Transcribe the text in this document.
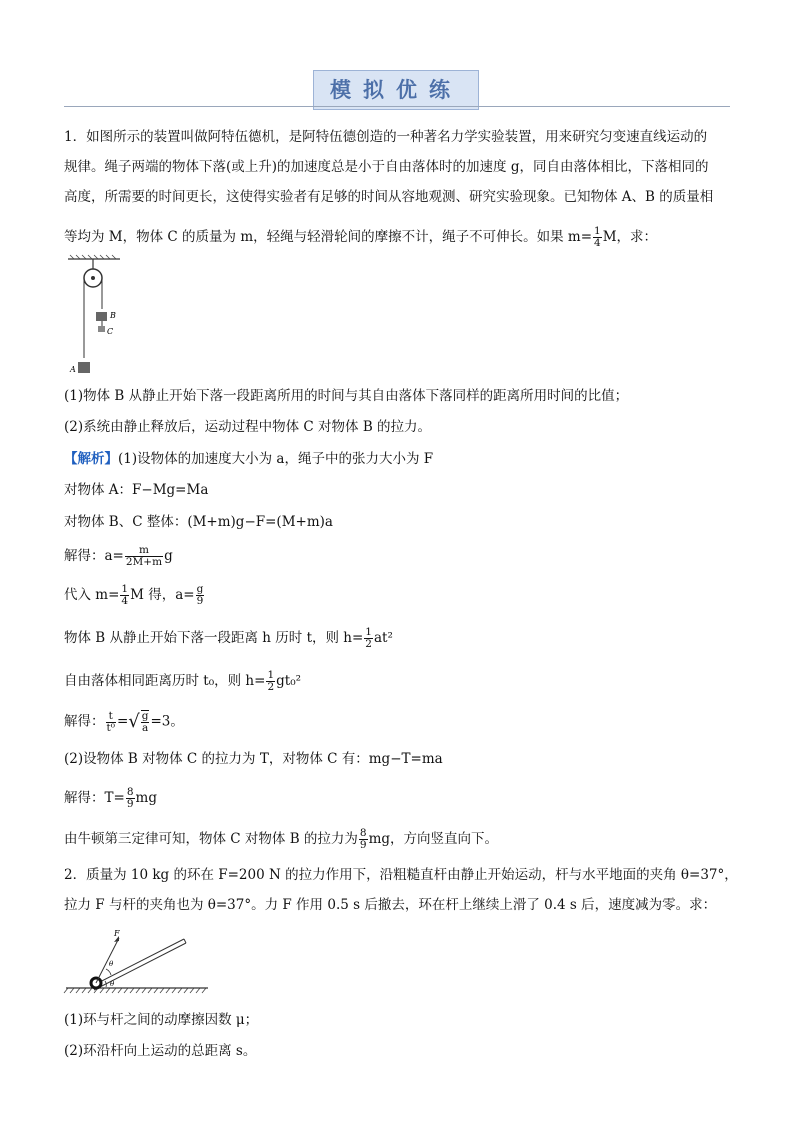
模拟优练
1．如图所示的装置叫做阿特伍德机，是阿特伍德创造的一种著名力学实验装置，用来研究匀变速直线运动的
规律。绳子两端的物体下落(或上升)的加速度总是小于自由落体时的加速度 g，同自由落体相比，下落相同的
高度，所需要的时间更长，这使得实验者有足够的时间从容地观测、研究实验现象。已知物体 A、B 的质量相
等均为 M，物体 C 的质量为 m，轻绳与轻滑轮间的摩擦不计，绳子不可伸长。如果 $m= \frac{1}{4}$ M，求：
B
C
A
(1)物体 B 从静止开始下落一段距离所用的时间与其自由落体下落同样的距离所用时间的比值；
(2)系统由静止释放后，运动过程中物体 C 对物体 B 的拉力。
【解析】(1)设物体的加速度大小为 a，绳子中的张力大小为 F
对物体 A：F−Mg=Ma
对物体 B、C 整体：(M+m)g−F=(M+m)a
解得：$a= \frac{m}{2M+m}$ g
代入 $m= \frac{1}{4}$ M 得，$a= \frac{g}{9}$
物体 B 从静止开始下落一段距离 h 历时 t，则 $h= \frac{1}{2} at^2$
自由落体相同距离历时 t₀，则 $h= \frac{1}{2} gt_0^2$
解得： $\frac{t}{\text{t⁰}}$ =√ $\frac{g}{a} =3$。
(2)设物体 B 对物体 C 的拉力为 T，对物体 C 有：mg−T=ma
解得：$T= \frac{8}{9}$ mg
由牛顿第三定律可知，物体 C 对物体 B 的拉力为 $\frac{8}{9}$ mg，方向竖直向下。
2．质量为 10 kg 的环在 F=200 N 的拉力作用下，沿粗糙直杆由静止开始运动，杆与水平地面的夹角 θ=37°，
拉力 F 与杆的夹角也为 θ=37°。力 F 作用 0.5 s 后撤去，环在杆上继续上滑了 0.4 s 后，速度减为零。求：
F
θ
θ
(1)环与杆之间的动摩擦因数 μ；
(2)环沿杆向上运动的总距离 s。
